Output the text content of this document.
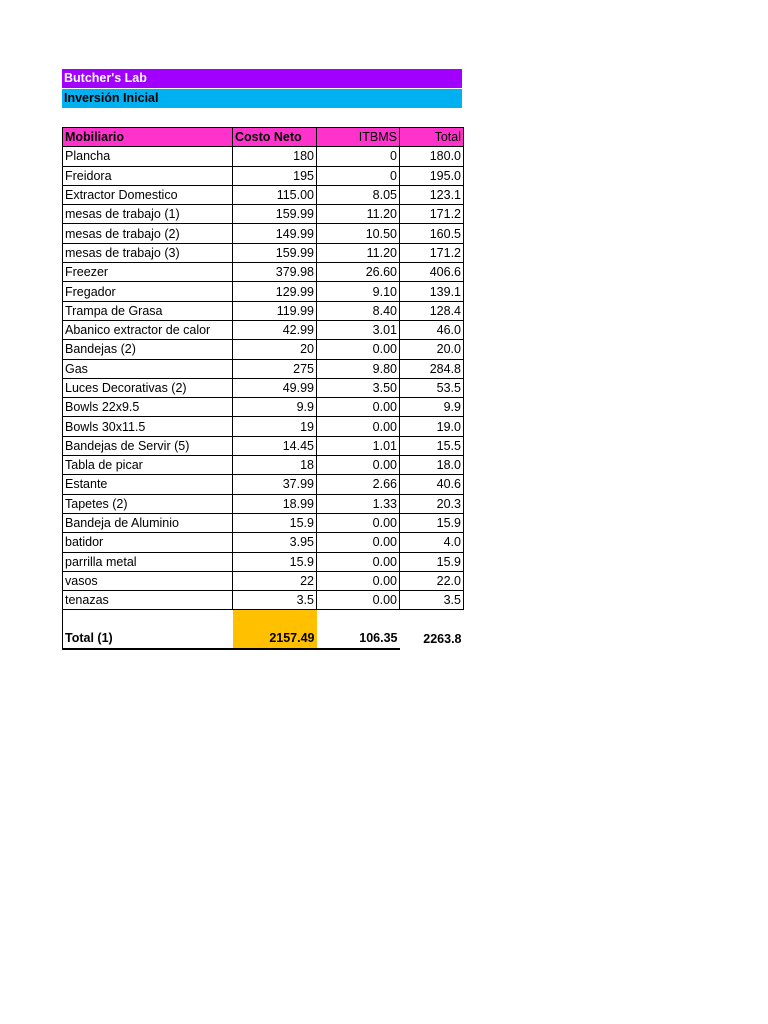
Butcher's Lab
Inversión Inicial
Mobiliario	Costo Neto	ITBMS	Total
Plancha	180	0	180.0
Freidora	195	0	195.0
Extractor Domestico	115.00	8.05	123.1
mesas de trabajo (1)	159.99	11.20	171.2
mesas de trabajo (2)	149.99	10.50	160.5
mesas de trabajo (3)	159.99	11.20	171.2
Freezer	379.98	26.60	406.6
Fregador	129.99	9.10	139.1
Trampa de Grasa	119.99	8.40	128.4
Abanico extractor de calor	42.99	3.01	46.0
Bandejas (2)	20	0.00	20.0
Gas	275	9.80	284.8
Luces Decorativas (2)	49.99	3.50	53.5
Bowls 22x9.5	9.9	0.00	9.9
Bowls 30x11.5	19	0.00	19.0
Bandejas de Servir (5)	14.45	1.01	15.5
Tabla de picar	18	0.00	18.0
Estante	37.99	2.66	40.6
Tapetes (2)	18.99	1.33	20.3
Bandeja de Aluminio	15.9	0.00	15.9
batidor	3.95	0.00	4.0
parrilla metal	15.9	0.00	15.9
vasos	22	0.00	22.0
tenazas	3.5	0.00	3.5
Total (1)	2157.49	106.35	2263.8
